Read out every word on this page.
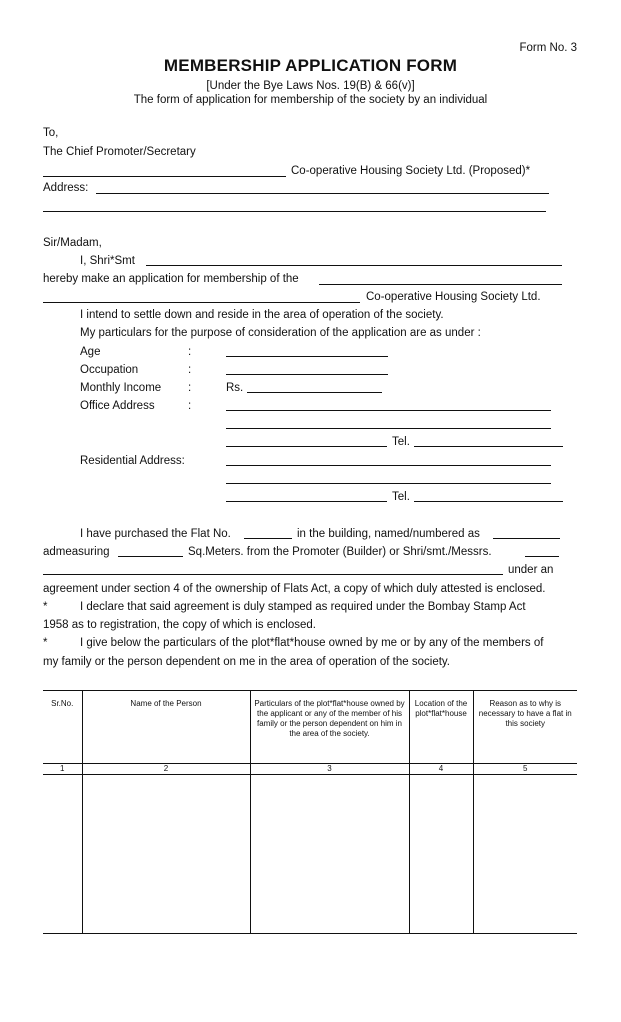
Form No. 3
MEMBERSHIP APPLICATION FORM
[Under the Bye Laws Nos. 19(B) & 66(v)]
The form of application for membership of the society by an individual
To,
The Chief Promoter/Secretary
Co-operative Housing Society Ltd. (Proposed)*
Address:
Sir/Madam,
I, Shri*Smt
hereby make an application for membership of the
Co-operative Housing Society Ltd.
I intend to settle down and reside in the area of operation of the society.
My particulars for the purpose of consideration of the application are as under :
Age	:
Occupation	:
Monthly Income :	Rs.
Office Address	:
Tel.
Residential Address:
Tel.
I have purchased the Flat No.	in the building, named/numbered as
admeasuring	Sq.Meters. from the Promoter (Builder) or Shri/smt./Messrs.
under an
agreement under section 4 of the ownership of Flats Act, a copy of which duly attested is enclosed.
*	I declare that said agreement is duly stamped as required under the Bombay Stamp Act
1958 as to registration, the copy of which is enclosed.
*	I give below the particulars of the plot*flat*house owned by me or by any of the members of
my family or the person dependent on me in the area of operation of the society.
Sr.No.	Name of the Person	Particulars of the plot*flat*house owned by the applicant or any of the member of his family or the person dependent on him in the area of the society.	Location of the plot*flat*house	Reason as to why is necessary to have a flat in this society
1	2	3	4	5
